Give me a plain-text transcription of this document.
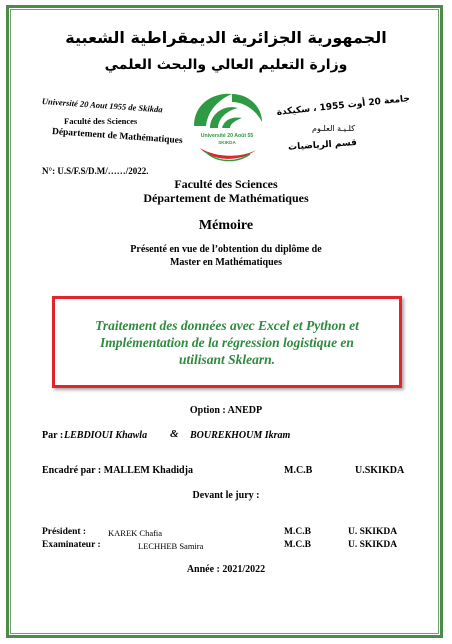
الجمهورية الجزائرية الديمقراطية الشعبية
وزارة التعليم العالي والبحث العلمي
Université 20 Aout 1955 de Skikda
Faculté des Sciences
Département de Mathématiques	Université 20 Août 55
SKIKDA
جامعة 20 أوت 1955 ، سكيكدة
كلـيـة العلـوم
قسم الرياضيات
N°: U.S/F.S/D.M/……/2022.
Faculté des Sciences
Département de Mathématiques
Mémoire
Présenté en vue de l’obtention du diplôme de
Master en Mathématiques
Traitement des données avec Excel et Python et
Implémentation de la régression logistique en
utilisant Sklearn.
Option : ANEDP
Par : LEBDIOUI Khawla & BOUREKHOUM Ikram
Encadré par : MALLEM Khadidja	M.C.B	U.SKIKDA
Devant le jury :
Président :	KAREK Chafia	M.C.B	U. SKIKDA
Examinateur :	LECHHEB Samira	M.C.B	U. SKIKDA
Année : 2021/2022
